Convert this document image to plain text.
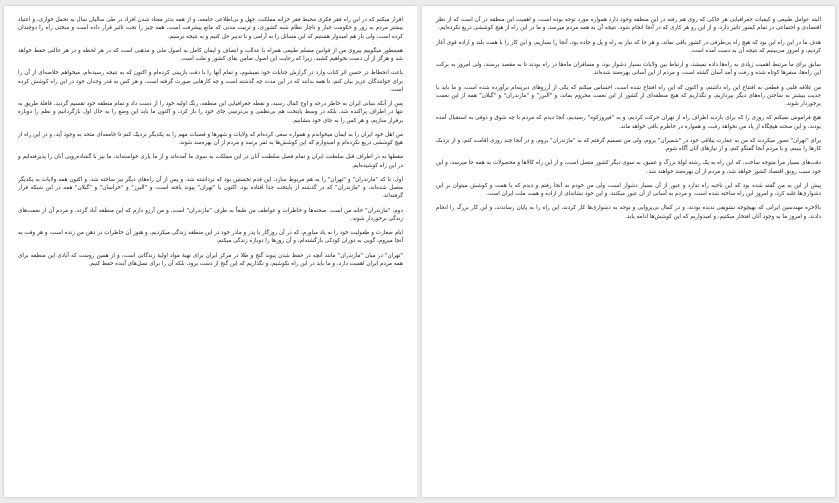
اقرار میکنم که در این راه فقر فکری محیط فقر خزانه مملکت، جهل و بی‌اطلاعی جامعه، و از همه بدتر معتاد شدن افراد در طی سالیان سال به تحمل خواری، و اعتیاد بیشتر مردم به زور و حکومت جبار و ناچار نظام شبه کشوری، و تربیت مدنی که مانع پیشرفت است، همه چیز را تحت تاثیر قرار داده است و سختی راه را دوچندان کرده است، ولی باز هم امیدوار هستیم که این مسائل را به آرامی و با تدبیر حل کنیم و به نتیجه برسیم.

همینطور میگوییم پیروی من از قوانین مسلم طبیعی همراه با عدالت و انصاف و ایمان کامل به اصول ملی و مذهبی است که در هر لحظه و در هر حالتی حفظ خواهد شد و هرگز از آن دست نخواهیم کشید، زیرا که رعایت این اصول ضامن بقای کشور و ملت است.

باعث انحطاط در حسن اثر کتاب وارد در گزارش جنایات خود نمیشوم، و تمام آنها را با دقت بازبینی کرده‌ام و اکنون که به نتیجه رسیده‌ام، میخواهم خلاصه‌ای از آن را برای خوانندگان عزیز بیان کنم، تا همه بدانند که در این مدت چه گذشته است و چه کارهایی صورت گرفته است، و هر کس به قدر وجدان خود در این راه کوشش کرده است.

پس از آنکه بنیانی ایران به خاطر درجه و اوج کمال رسید، و نقطه جغرافیایی این منطقه، رنگ اولیه خود را از دست داد و تمام منطقه خود تقسیم گردید، قافلهٔ طریق به تنها در اطراف پراکنده شد، بلکه در وسط پایتخت هم بی‌نظمی و بی‌ترتیبی جای خود را باز کرد، و اکنون ما باید این وضع را به حال اول بازگردانیم و نظم را دوباره برقرار سازیم، و هر کس را به جای خود بنشانیم.

من اهل خود ایران را به ایمان میخواندم و همواره سعی کرده‌ام که ولایات و شهرها و قصبات مهم را به یکدیگر نزدیک کنم تا جامعه‌ای متحد به وجود آید، و در این راه از هیچ کوششی دریغ نکرده‌ام و امیدوارم که این کوشش‌ها به ثمر برسد و مردم از آن بهره‌مند شوند.

مقطها به در اطراف قبل سلطنت ایران و تمام فصل سلطنت آنان در این مملکت به سوی ما آمده‌اند و از ما یاری خواسته‌اند، ما نیز با گشاده‌رویی آنان را پذیرفته‌ایم و در این راه کوشیده‌ایم.

اول، تا که "مازندران" و "تهران" را به هم مربوط سازد، این قدم نخستین بود که برداشته شد، و پس از آن راه‌های دیگر نیز ساخته شد، و اکنون همه ولایات به یکدیگر متصل شده‌اند، و "مازندران" که در گذشته از پایتخت جدا افتاده بود، اکنون با "تهران" پیوند یافته است، و "البرز" و "خراسان" و "گیلان" همه در این شبکه قرار گرفته‌اند.

دوم، "مازندران" خانه من است. صحنه‌ها و خاطرات و عواطف من طبعاً به طرف "مازندران" است، و من آرزو دارم که این منطقه آباد گردد، و مردم آن از نعمت‌های زندگی برخوردار شوند.

ایام صغارت و طفولیت خود را به یاد میاورم، که در آن روزگار با پدر و مادر خود در این منطقه زندگی میکردیم، و هنوز آن خاطرات در ذهن من زنده است، و هر وقت به آنجا میروم، گویی به دوران کودکی بازگشته‌ام، و آن روزها را دوباره زندگی میکنم.

"تهران" در میان "مازندران" مانند آنچه در حفظ شدن پیوند گنج و طلا در مرکز ایران برای تهیهٔ مواد اولیهٔ زندگانی است، و از همین روست که آبادی این منطقه برای همه مردم ایران اهمیت دارد، و ما باید در این راه بکوشیم، و نگذاریم که این گنج از دست برود، بلکه آن را برای نسل‌های آینده حفظ کنیم.

البته عوامل طبیعی و کیفیات جغرافیایی هر خاکی که روی هم رفته در این منطقه وجود دارد همواره مورد توجه بوده است، و اهمیت این منطقه در آن است که از نظر اقتصادی و اجتماعی در تمام کشور تاثیر دارد، و از این رو هر کاری که در آنجا انجام شود، نتیجه آن به همه مردم میرسد، و ما در این راه از هیچ کوششی دریغ نکرده‌ایم.

هدف ما در این راه این بود که هیچ راه بی‌طرفی در کشور باقی نماند، و هر جا که نیاز به راه و پل و جاده بود، آنجا را بسازیم، و این کار را با همت بلند و اراده قوی آغاز کردیم، و امروز می‌بینیم که نتیجه آن به دست آمده است.

سابق برای ما مرتبط اهمیت زیادی به راه‌ها داده نمیشد، و ارتباط بین ولایات بسیار دشوار بود، و مسافران ماه‌ها در راه بودند تا به مقصد برسند، ولی امروز به برکت این راه‌ها، سفرها کوتاه شده و رفت و آمد آسان گشته است، و مردم از این آسانی بهره‌مند شده‌اند.

من علاقه قلبی و قطعی به افتتاح این راه داشتم، و اکنون که این راه افتتاح شده است، احساس میکنم که یکی از آرزوهای دیرینه‌ام برآورده شده است، و ما باید با جدیت بیشتر به ساختن راه‌های دیگر بپردازیم، و نگذاریم که هیچ منطقه‌ای از کشور از این نعمت محروم بماند، و "البرز" و "مازندران" و "گیلان" همه از این نعمت برخوردار شوند.

هیچ فراموش نمیکنم که روزی را که برای بازدید اطراف راه از تهران حرکت کردیم، و به "فیروزکوه" رسیدیم، آنجا دیدم که مردم با چه شوق و ذوقی به استقبال آمده بودند، و این صحنه هیچگاه از یاد من نخواهد رفت، و همواره در خاطرم باقی خواهد ماند.

برای "تهران" تصور میکردند که من به عمارت ییلاقی خود در "شمیران" بروم، ولی من تصمیم گرفتم که به "مازندران" بروم، و در آنجا چند روزی اقامت کنم، و از نزدیک کارها را ببینم، و با مردم آنجا گفتگو کنم، و از نیازهای آنان آگاه شوم.

دقت‌های بسیار مرا متوجه ساخت، که این راه به یک رشته لولهٔ بزرگ و عمیق، به سوی دیگر کشور متصل است، و از این راه کالاها و محصولات به همه جا میرسد، و این خود سبب رونق اقتصاد کشور خواهد شد، و مردم از آن بهره‌مند خواهند شد.

پیش از این به من گفته شده بود که این ناحیه راه ندارد و عبور از آن بسیار دشوار است، ولی من خودم به آنجا رفتم و دیدم که با همت و کوشش میتوان بر این دشواری‌ها غلبه کرد، و امروز این راه ساخته شده است، و مردم به آسانی از آن عبور میکنند، و این خود نشانه‌ای از اراده و همت ملت ایران است.

بالاخره مهندسین ایرانی که بهیچوجه تشویقی ندیده بودند، و در کمال بی‌پروایی و توجه به دشواری‌ها کار کردند، این راه را به پایان رساندند، و این کار بزرگ را انجام دادند، و امروز ما به وجود آنان افتخار میکنیم، و امیدواریم که این کوشش‌ها ادامه یابد.
